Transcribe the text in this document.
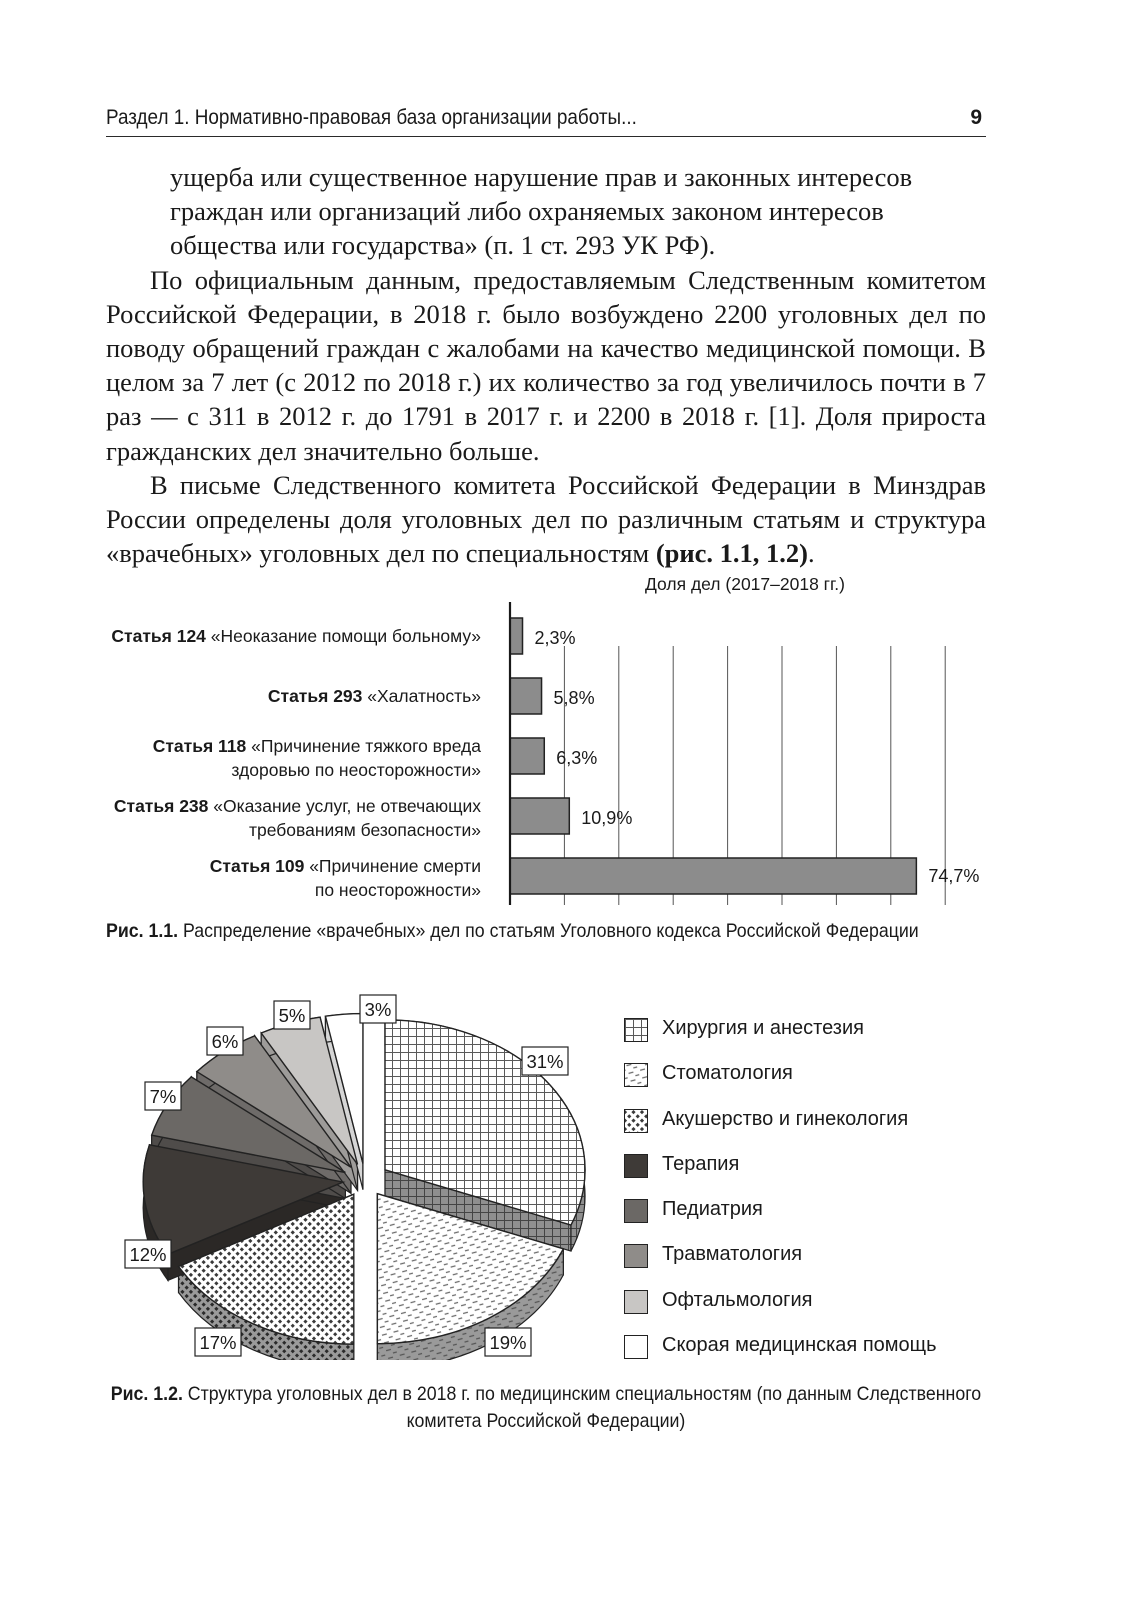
Раздел 1. Нормативно-правовая база организации работы...	9

ущерба или существенное нарушение прав и законных интересов

граждан или организаций либо охраняемых законом интересов

общества или государства» (п. 1 ст. 293 УК РФ).

По официальным данным, предоставляемым Следственным комитетом Российской Федерации, в 2018 г. было возбуждено 2200 уголовных дел по поводу обращений граждан с жалобами на качество медицинской помощи. В целом за 7 лет (с 2012 по 2018 г.) их количество за год увеличилось почти в 7 раз — с 311 в 2012 г. до 1791 в 2017 г. и 2200 в 2018 г. [1]. Доля прироста гражданских дел значительно больше.

В письме Следственного комитета Российской Федерации в Минздрав России определены доля уголовных дел по различным статьям и структура «врачебных» уголовных дел по специальностям (рис. 1.1, 1.2).

Доля дел (2017–2018 гг.)
2,3%
5,8%
6,3%
10,9%
74,7%
Статья 124 «Неоказание помощи больному»
Статья 293 «Халатность»
Статья 118 «Причинение тяжкого вреда
здоровью по неосторожности»
Статья 238 «Оказание услуг, не отвечающих
требованиям безопасности»
Статья 109 «Причинение смерти
по неосторожности»
Рис. 1.1. Распределение «врачебных» дел по статьям Уголовного кодекса Российской Федерации
31%
19%
17%
12%
7%
6%
5%	3%
Хирургия и анестезия
Стоматология
Акушерство и гинекология
Терапия
Педиатрия
Травматология
Офтальмология
Скорая медицинская помощь
Рис. 1.2. Структура уголовных дел в 2018 г. по медицинским специальностям (по данным Следственного комитета Российской Федерации)
